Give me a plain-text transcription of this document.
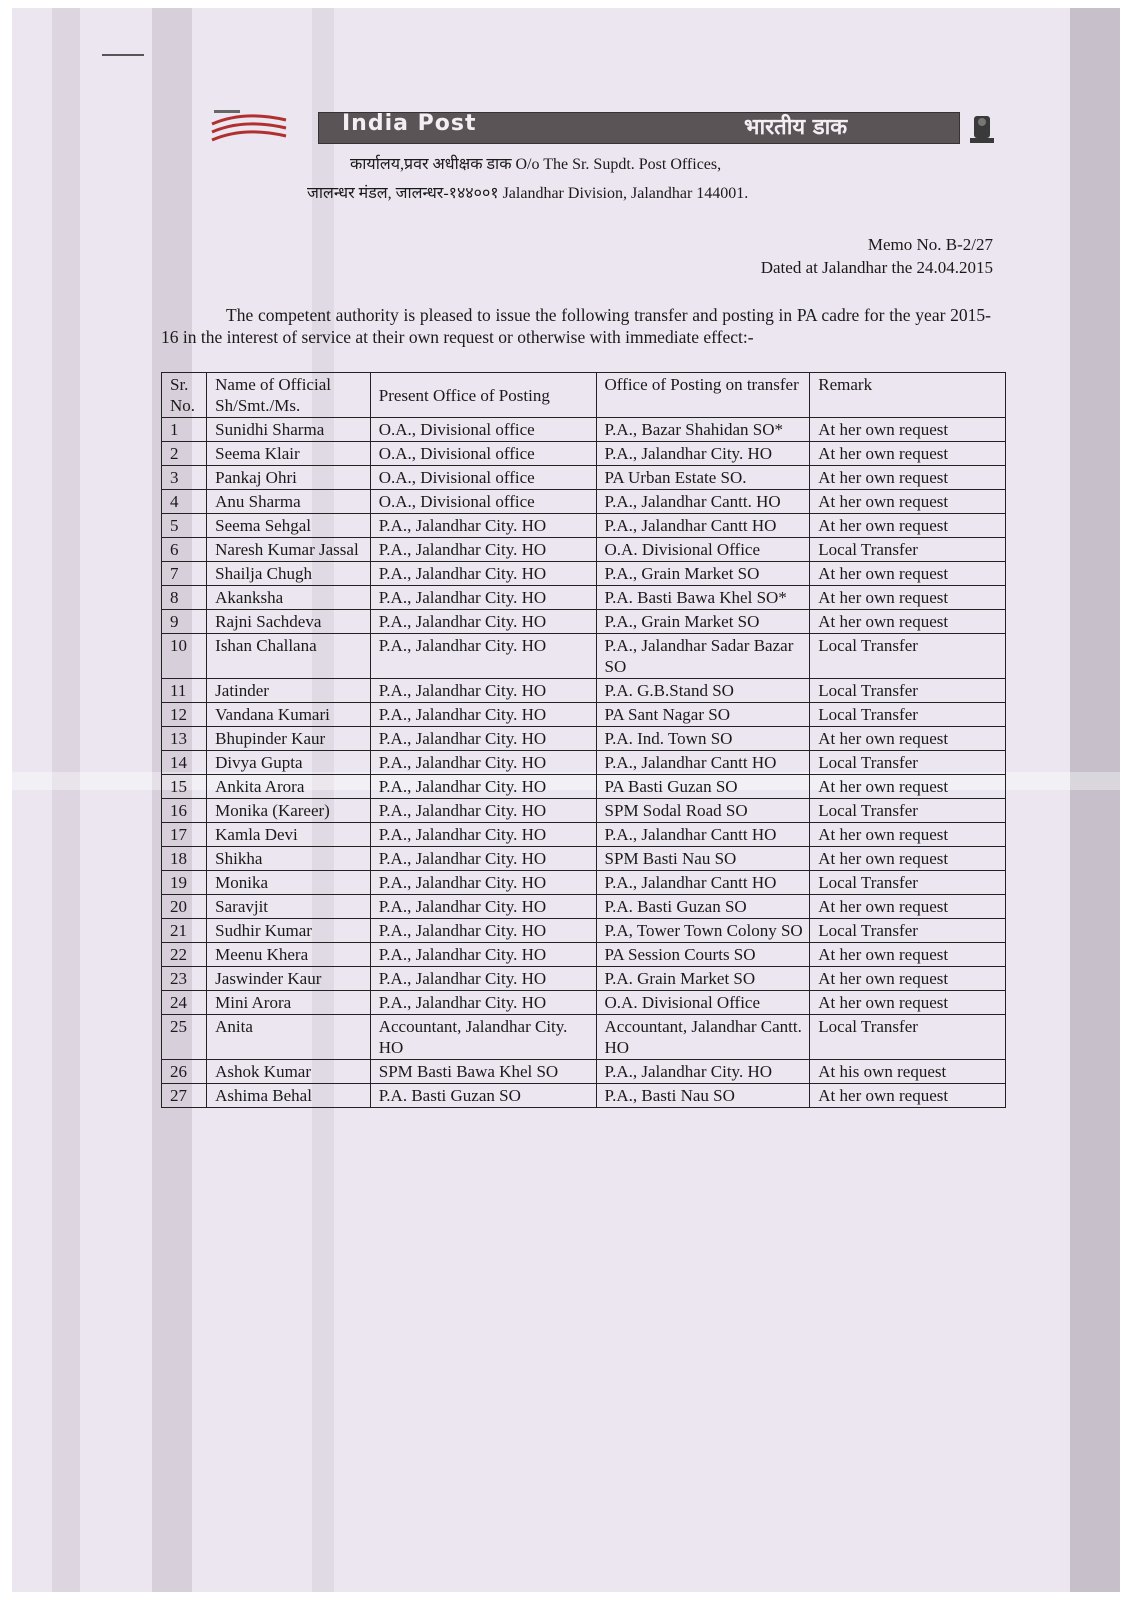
India Post	भारतीय डाक
कार्यालय,प्रवर अधीक्षक डाक O/o The Sr. Supdt. Post Offices,
जालन्धर मंडल, जालन्धर-१४४००१ Jalandhar Division, Jalandhar 144001.
Memo No. B-2/27
Dated at Jalandhar the 24.04.2015
The competent authority is pleased to issue the following transfer and posting in PA cadre for the year 2015-16 in the interest of service at their own request or otherwise with immediate effect:-
Sr. No.	Name of Official Sh/Smt./Ms.	Present Office of Posting	Office of Posting on transfer	Remark
1	Sunidhi Sharma	O.A., Divisional office	P.A., Bazar Shahidan SO*	At her own request
2	Seema Klair	O.A., Divisional office	P.A., Jalandhar City. HO	At her own request
3	Pankaj Ohri	O.A., Divisional office	PA Urban Estate SO.	At her own request
4	Anu Sharma	O.A., Divisional office	P.A., Jalandhar Cantt. HO	At her own request
5	Seema Sehgal	P.A., Jalandhar City. HO	P.A., Jalandhar Cantt HO	At her own request
6	Naresh Kumar Jassal	P.A., Jalandhar City. HO	O.A. Divisional Office	Local Transfer
7	Shailja Chugh	P.A., Jalandhar City. HO	P.A., Grain Market SO	At her own request
8	Akanksha	P.A., Jalandhar City. HO	P.A. Basti Bawa Khel SO*	At her own request
9	Rajni Sachdeva	P.A., Jalandhar City. HO	P.A., Grain Market SO	At her own request
10	Ishan Challana	P.A., Jalandhar City. HO	P.A., Jalandhar Sadar Bazar SO	Local Transfer
11	Jatinder	P.A., Jalandhar City. HO	P.A. G.B.Stand SO	Local Transfer
12	Vandana Kumari	P.A., Jalandhar City. HO	PA Sant Nagar SO	Local Transfer
13	Bhupinder Kaur	P.A., Jalandhar City. HO	P.A. Ind. Town SO	At her own request
14	Divya Gupta	P.A., Jalandhar City. HO	P.A., Jalandhar Cantt HO	Local Transfer
15	Ankita Arora	P.A., Jalandhar City. HO	PA Basti Guzan SO	At her own request
16	Monika (Kareer)	P.A., Jalandhar City. HO	SPM Sodal Road SO	Local Transfer
17	Kamla Devi	P.A., Jalandhar City. HO	P.A., Jalandhar Cantt HO	At her own request
18	Shikha	P.A., Jalandhar City. HO	SPM Basti Nau SO	At her own request
19	Monika	P.A., Jalandhar City. HO	P.A., Jalandhar Cantt HO	Local Transfer
20	Saravjit	P.A., Jalandhar City. HO	P.A. Basti Guzan SO	At her own request
21	Sudhir Kumar	P.A., Jalandhar City. HO	P.A, Tower Town Colony SO	Local Transfer
22	Meenu Khera	P.A., Jalandhar City. HO	PA Session Courts SO	At her own request
23	Jaswinder Kaur	P.A., Jalandhar City. HO	P.A. Grain Market SO	At her own request
24	Mini Arora	P.A., Jalandhar City. HO	O.A. Divisional Office	At her own request
25	Anita	Accountant, Jalandhar City. HO	Accountant, Jalandhar Cantt. HO	Local Transfer
26	Ashok Kumar	SPM Basti Bawa Khel SO	P.A., Jalandhar City. HO	At his own request
27	Ashima Behal	P.A. Basti Guzan SO	P.A., Basti Nau SO	At her own request
